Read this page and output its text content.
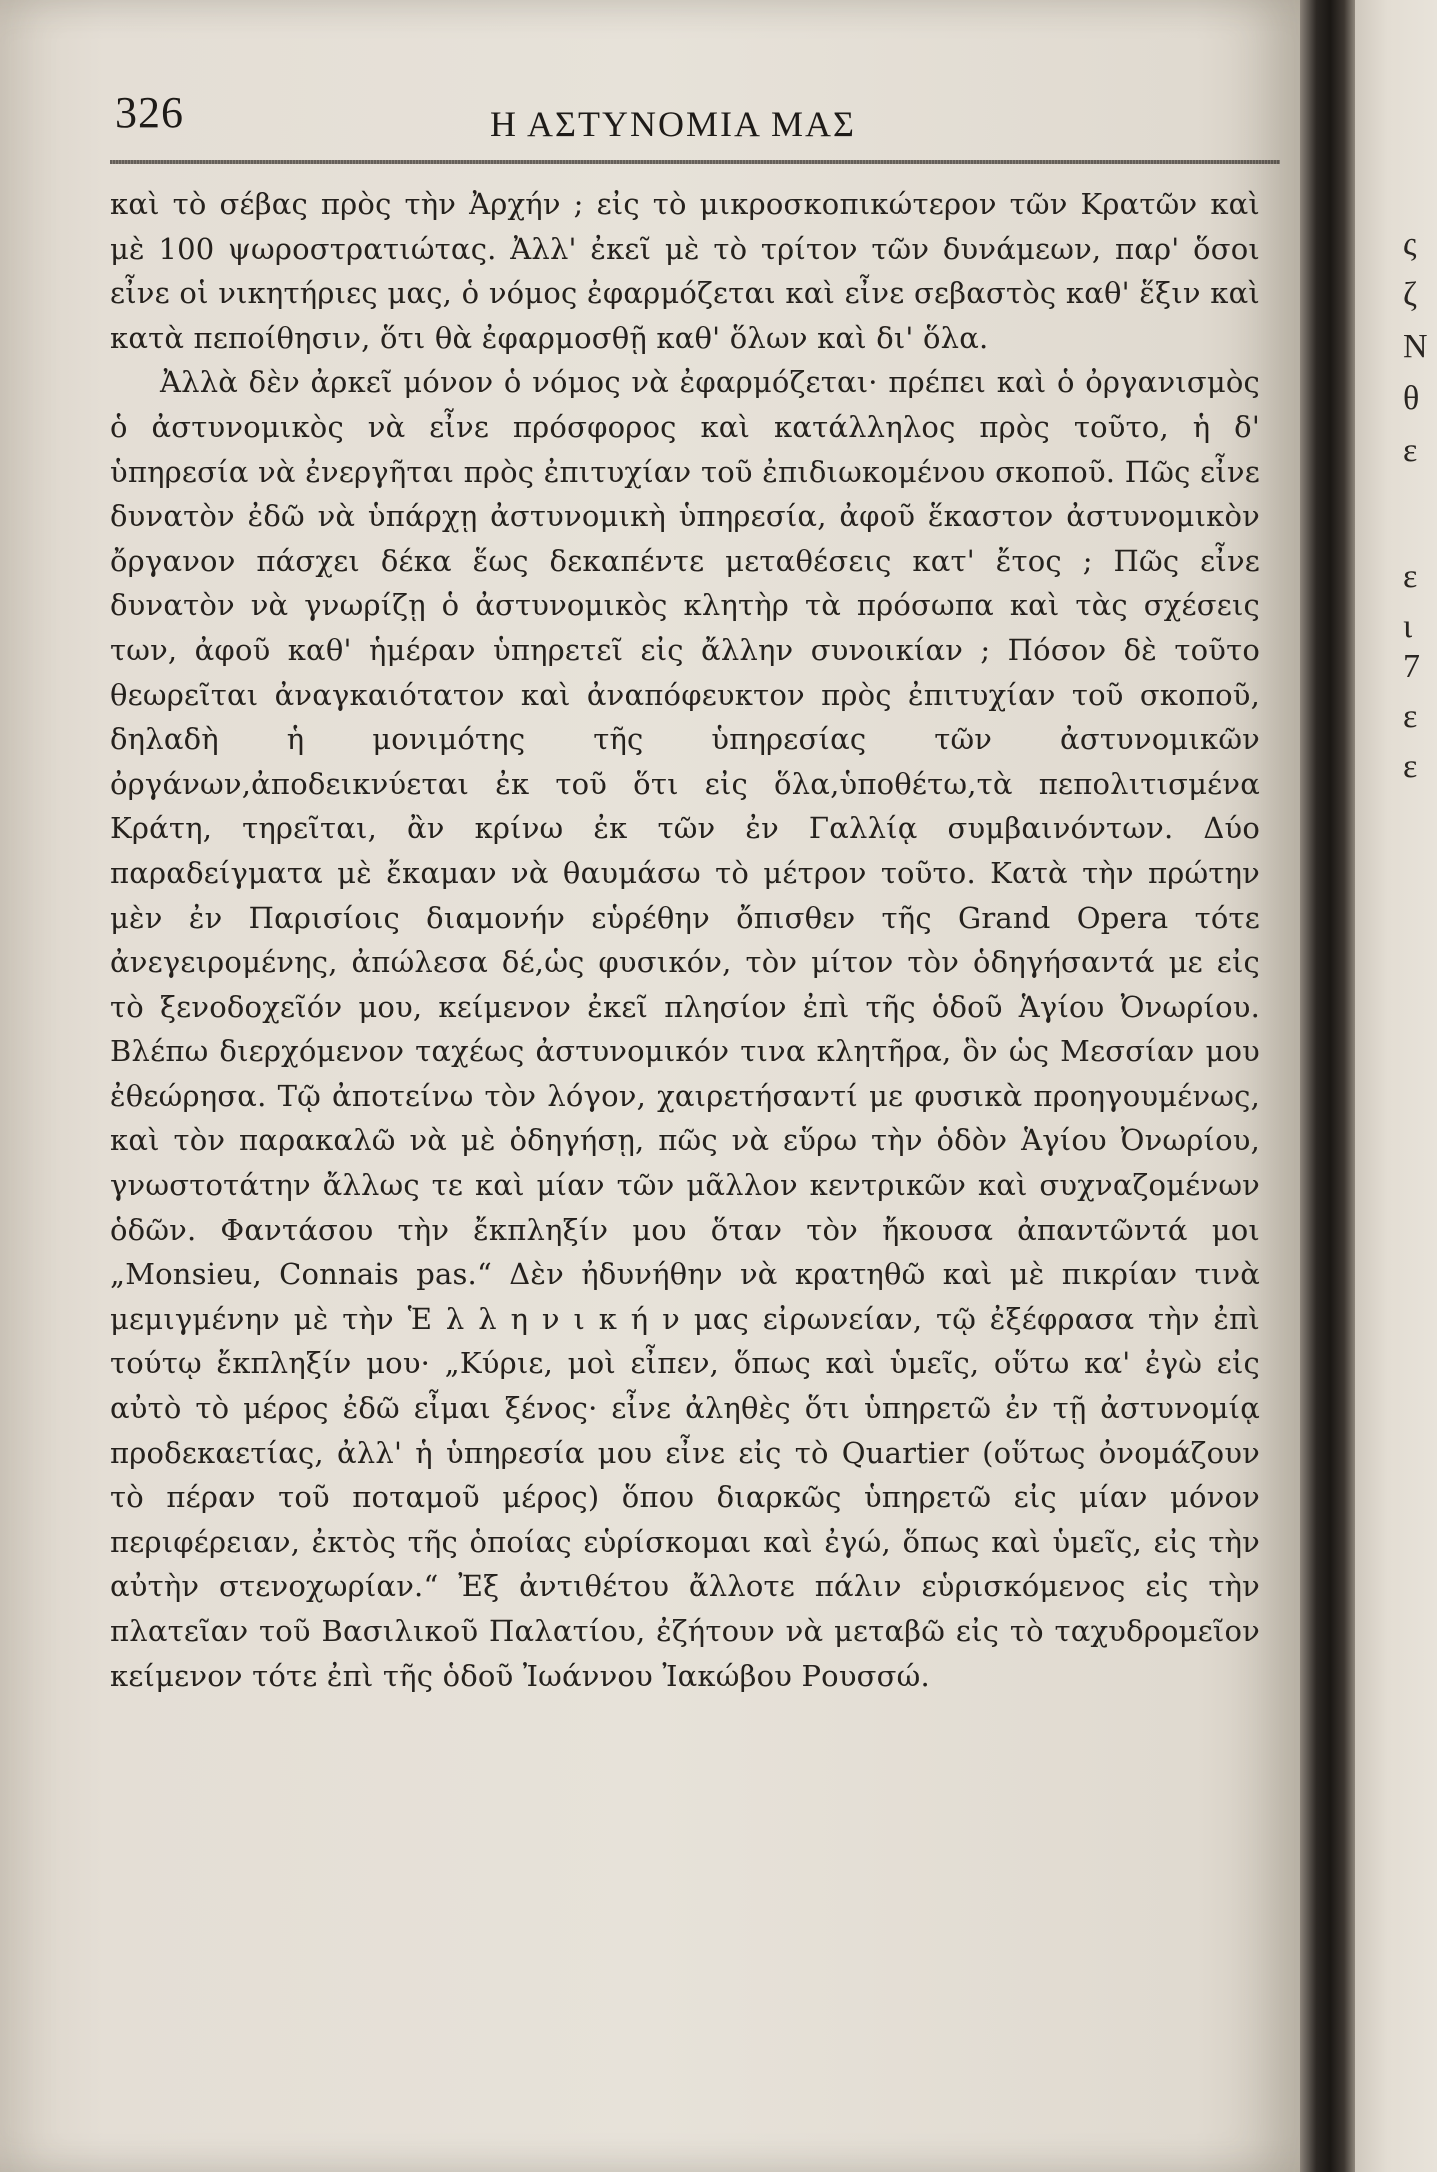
326	Η ΑΣΤΥΝΟΜΙΑ ΜΑΣ

καὶ τὸ σέβας πρὸς τὴν Ἀρχήν ; εἰς τὸ μικροσκοπικώτερον τῶν Κρατῶν καὶ μὲ 100 ψωροστρατιώτας. Ἀλλ' ἐκεῖ μὲ τὸ τρίτον τῶν δυνάμεων, παρ' ὅσοι εἶνε οἱ νικητήριες μας, ὁ νόμος ἐφαρμόζεται καὶ εἶνε σεβαστὸς καθ' ἕξιν καὶ κατὰ πεποίθησιν, ὅτι θὰ ἐφαρμοσθῇ καθ' ὅλων καὶ δι' ὅλα.

Ἀλλὰ δὲν ἀρκεῖ μόνον ὁ νόμος νὰ ἐφαρμόζεται· πρέπει καὶ ὁ ὀργανισμὸς ὁ ἀστυνομικὸς νὰ εἶνε πρόσφορος καὶ κατάλληλος πρὸς τοῦτο, ἡ δ' ὑπηρεσία νὰ ἐνεργῆται πρὸς ἐπιτυχίαν τοῦ ἐπιδιωκομένου σκοποῦ. Πῶς εἶνε δυνατὸν ἐδῶ νὰ ὑπάρχῃ ἀστυνομικὴ ὑπηρεσία, ἀφοῦ ἕκαστον ἀστυνομικὸν ὄργανον πάσχει δέκα ἕως δεκαπέντε μεταθέσεις κατ' ἔτος ; Πῶς εἶνε δυνατὸν νὰ γνωρίζῃ ὁ ἀστυνομικὸς κλητὴρ τὰ πρόσωπα καὶ τὰς σχέσεις των, ἀφοῦ καθ' ἡμέραν ὑπηρετεῖ εἰς ἄλλην συνοικίαν ; Πόσον δὲ τοῦτο θεωρεῖται ἀναγκαιότατον καὶ ἀναπόφευκτον πρὸς ἐπιτυχίαν τοῦ σκοποῦ, δηλαδὴ ἡ μονιμότης τῆς ὑπηρεσίας τῶν ἀστυνομικῶν ὀργάνων,ἀποδεικνύεται ἐκ τοῦ ὅτι εἰς ὅλα,ὑποθέτω,τὰ πεπολιτισμένα Κράτη, τηρεῖται, ἂν κρίνω ἐκ τῶν ἐν Γαλλίᾳ συμβαινόντων. Δύο παραδείγματα μὲ ἔκαμαν νὰ θαυμάσω τὸ μέτρον τοῦτο. Κατὰ τὴν πρώτην μὲν ἐν Παρισίοις διαμονήν εὑρέθην ὄπισθεν τῆς Grand Opera τότε ἀνεγειρομένης, ἀπώλεσα δέ,ὡς φυσικόν, τὸν μίτον τὸν ὁδηγήσαντά με εἰς τὸ ξενοδοχεῖόν μου, κείμενον ἐκεῖ πλησίον ἐπὶ τῆς ὁδοῦ Ἁγίου Ὀνωρίου. Βλέπω διερχόμενον ταχέως ἀστυνομικόν τινα κλητῆρα, ὃν ὡς Μεσσίαν μου ἐθεώρησα. Τῷ ἀποτείνω τὸν λόγον, χαιρετήσαντί με φυσικὰ προηγουμένως, καὶ τὸν παρακαλῶ νὰ μὲ ὁδηγήσῃ, πῶς νὰ εὕρω τὴν ὁδὸν Ἁγίου Ὀνωρίου, γνωστοτάτην ἄλλως τε καὶ μίαν τῶν μᾶλλον κεντρικῶν καὶ συχναζομένων ὁδῶν. Φαντάσου τὴν ἔκπληξίν μου ὅταν τὸν ἤκουσα ἀπαντῶντά μοι „Monsieu, Connais pas.“ Δὲν ἠδυνήθην νὰ κρατηθῶ καὶ μὲ πικρίαν τινὰ μεμιγμένην μὲ τὴν Ἑ λ λ η ν ι κ ή ν μας εἰρωνείαν, τῷ ἐξέφρασα τὴν ἐπὶ τούτῳ ἔκπληξίν μου· „Κύριε, μοὶ εἶπεν, ὅπως καὶ ὑμεῖς, οὕτω κα' ἐγὼ εἰς αὐτὸ τὸ μέρος ἐδῶ εἶμαι ξένος· εἶνε ἀληθὲς ὅτι ὑπηρετῶ ἐν τῇ ἀστυνομίᾳ προδεκαετίας, ἀλλ' ἡ ὑπηρεσία μου εἶνε εἰς τὸ Quartier (οὕτως ὀνομάζουν τὸ πέραν τοῦ ποταμοῦ μέρος) ὅπου διαρκῶς ὑπηρετῶ εἰς μίαν μόνον περιφέρειαν, ἐκτὸς τῆς ὁποίας εὑρίσκομαι καὶ ἐγώ, ὅπως καὶ ὑμεῖς, εἰς τὴν αὐτὴν στενοχωρίαν.“ Ἐξ ἀντιθέτου ἄλλοτε πάλιν εὑρισκόμενος εἰς τὴν πλατεῖαν τοῦ Βασιλικοῦ Παλατίου, ἐζήτουν νὰ μεταβῶ εἰς τὸ ταχυδρομεῖον κείμενον τότε ἐπὶ τῆς ὁδοῦ Ἰωάννου Ἰακώβου Ρουσσώ.

ς
ζ
Ν
θ
ε
ε
ι
7
ε
ε
